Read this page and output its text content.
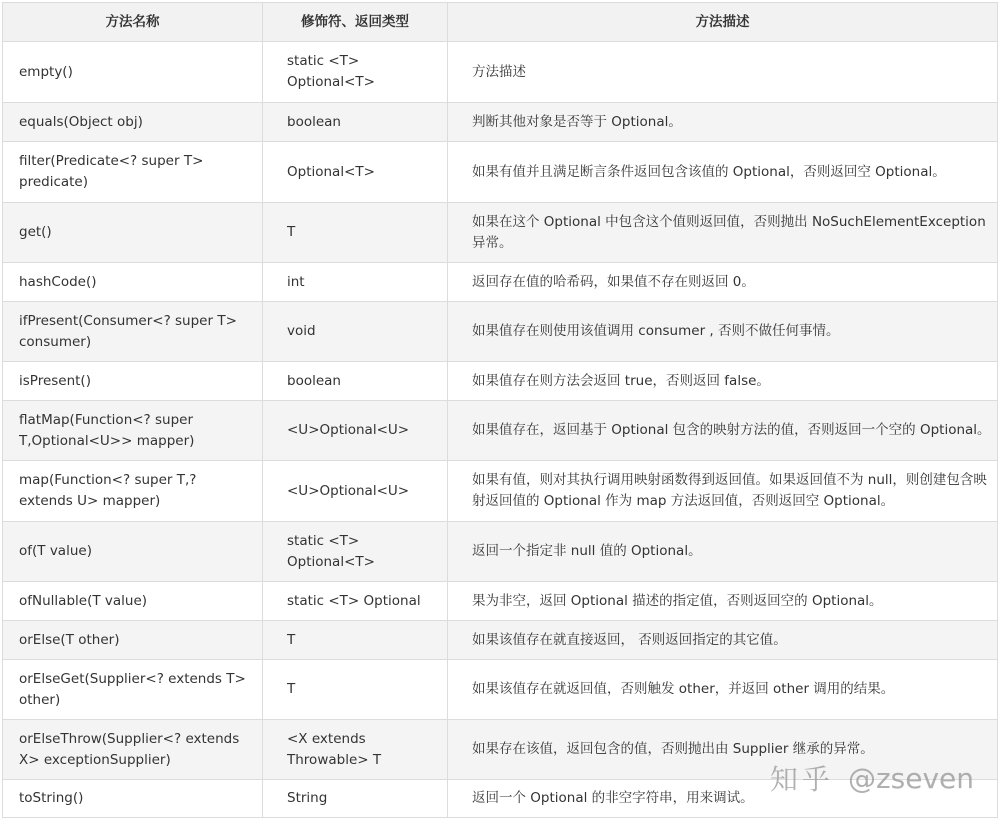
方法名称	修饰符、返回类型	方法描述
empty()	static <T> Optional<T>	方法描述
equals(Object obj)	boolean	判断其他对象是否等于 Optional。
filter(Predicate<? super T> predicate)	Optional<T>	如果有值并且满足断言条件返回包含该值的 Optional，否则返回空 Optional。
get()	T	如果在这个 Optional 中包含这个值则返回值，否则抛出 NoSuchElementException 异常。
hashCode()	int	返回存在值的哈希码，如果值不存在则返回 0。
ifPresent(Consumer<? super T> consumer)	void	如果值存在则使用该值调用 consumer , 否则不做任何事情。
isPresent()	boolean	如果值存在则方法会返回 true，否则返回 false。
flatMap(Function<? super T,Optional<U>> mapper)	<U>Optional<U>	如果值存在，返回基于 Optional 包含的映射方法的值，否则返回一个空的 Optional。
map(Function<? super T,? extends U> mapper)	<U>Optional<U>	如果有值，则对其执行调用映射函数得到返回值。如果返回值不为 null，则创建包含映射返回值的 Optional 作为 map 方法返回值，否则返回空 Optional。
of(T value)	static <T> Optional<T>	返回一个指定非 null 值的 Optional。
ofNullable(T value)	static <T> Optional	果为非空，返回 Optional 描述的指定值，否则返回空的 Optional。
orElse(T other)	T	如果该值存在就直接返回， 否则返回指定的其它值。
orElseGet(Supplier<? extends T> other)	T	如果该值存在就返回值，否则触发 other，并返回 other 调用的结果。
orElseThrow(Supplier<? extends X> exceptionSupplier)	<X extends Throwable> T	如果存在该值，返回包含的值，否则抛出由 Supplier 继承的异常。
toString()	String	返回一个 Optional 的非空字符串，用来调试。
知乎 @zseven
